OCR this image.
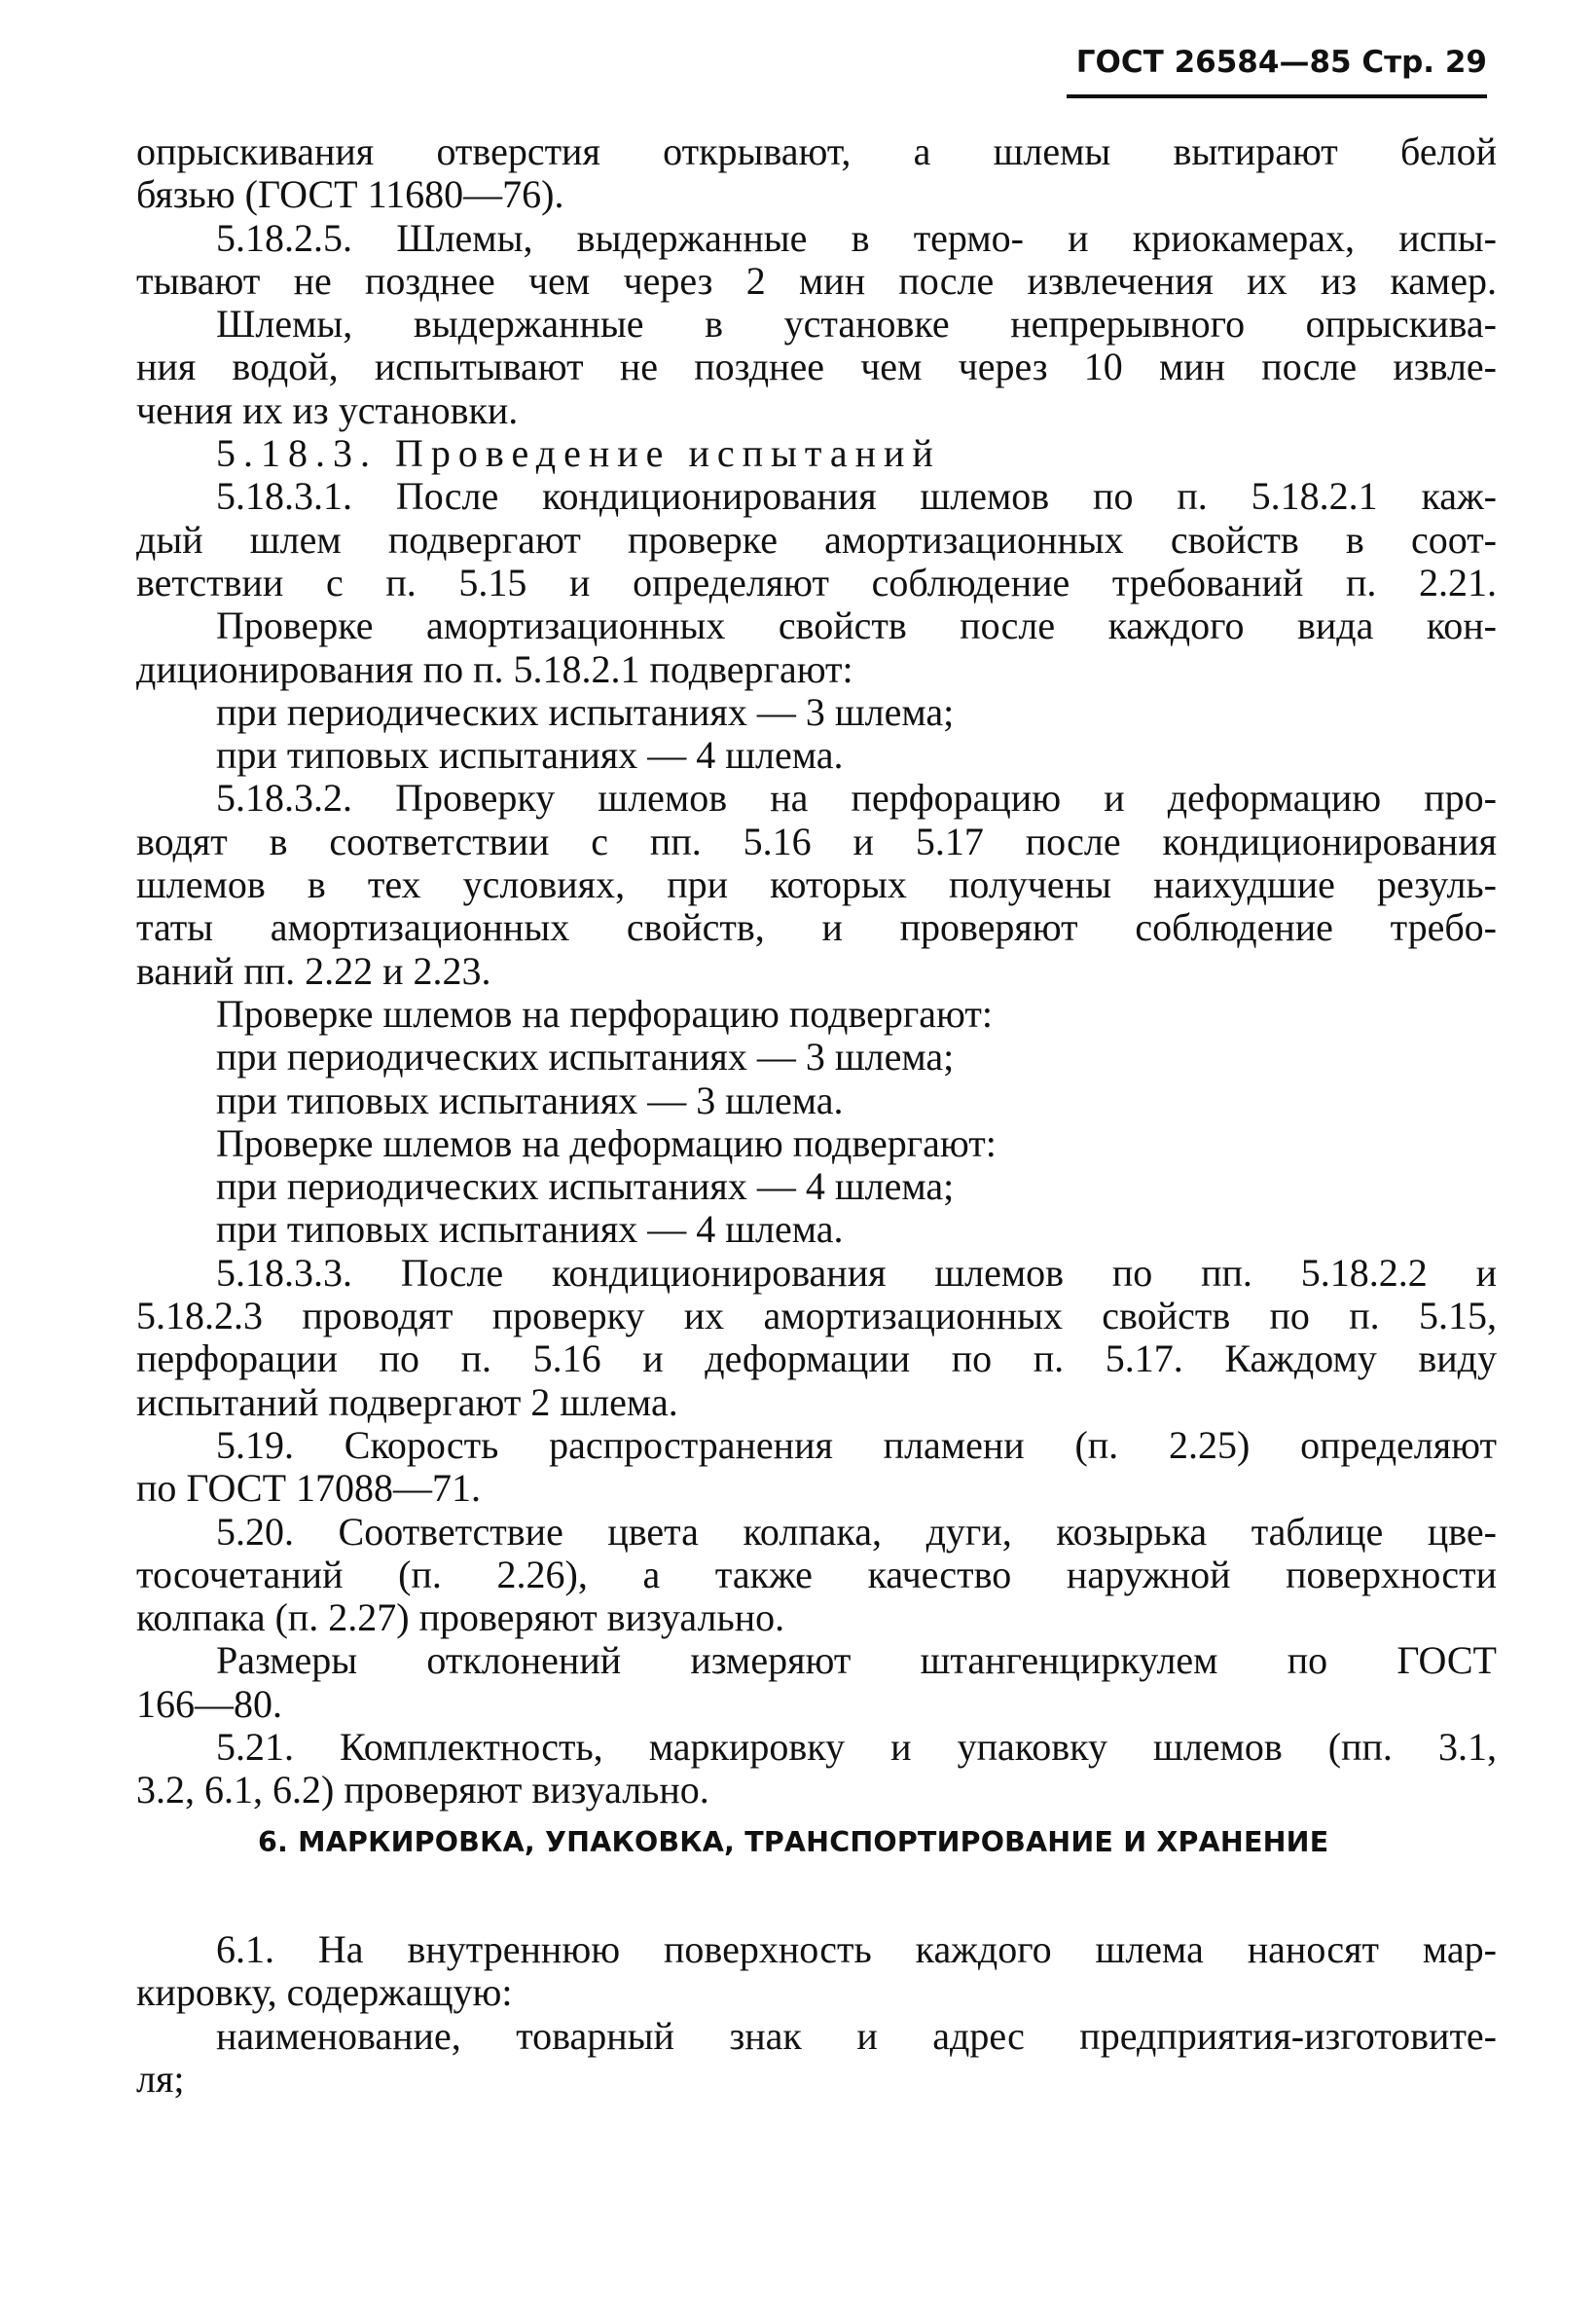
ГОСТ 26584—85 Стр. 29
опрыскивания отверстия открывают, а шлемы вытирают белой
бязью (ГОСТ 11680—76).
5.18.2.5. Шлемы, выдержанные в термо- и криокамерах, испы-
тывают не позднее чем через 2 мин после извлечения их из камер.
Шлемы, выдержанные в установке непрерывного опрыскива-
ния водой, испытывают не позднее чем через 10 мин после извле-
чения их из установки.
5.18.3. Проведение испытаний
5.18.3.1. После кондиционирования шлемов по п. 5.18.2.1 каж-
дый шлем подвергают проверке амортизационных свойств в соот-
ветствии с п. 5.15 и определяют соблюдение требований п. 2.21.
Проверке амортизационных свойств после каждого вида кон-
диционирования по п. 5.18.2.1 подвергают:
при периодических испытаниях — 3 шлема;
при типовых испытаниях — 4 шлема.
5.18.3.2. Проверку шлемов на перфорацию и деформацию про-
водят в соответствии с пп. 5.16 и 5.17 после кондиционирования
шлемов в тех условиях, при которых получены наихудшие резуль-
таты амортизационных свойств, и проверяют соблюдение требо-
ваний пп. 2.22 и 2.23.
Проверке шлемов на перфорацию подвергают:
при периодических испытаниях — 3 шлема;
при типовых испытаниях — 3 шлема.
Проверке шлемов на деформацию подвергают:
при периодических испытаниях — 4 шлема;
при типовых испытаниях — 4 шлема.
5.18.3.3. После кондиционирования шлемов по пп. 5.18.2.2 и
5.18.2.3 проводят проверку их амортизационных свойств по п. 5.15,
перфорации по п. 5.16 и деформации по п. 5.17. Каждому виду
испытаний подвергают 2 шлема.
5.19. Скорость распространения пламени (п. 2.25) определяют
по ГОСТ 17088—71.
5.20. Соответствие цвета колпака, дуги, козырька таблице цве-
тосочетаний (п. 2.26), а также качество наружной поверхности
колпака (п. 2.27) проверяют визуально.
Размеры отклонений измеряют штангенциркулем по ГОСТ
166—80.
5.21. Комплектность, маркировку и упаковку шлемов (пп. 3.1,
3.2, 6.1, 6.2) проверяют визуально.
6. МАРКИРОВКА, УПАКОВКА, ТРАНСПОРТИРОВАНИЕ И ХРАНЕНИЕ
6.1. На внутреннюю поверхность каждого шлема наносят мар-
кировку, содержащую:
наименование, товарный знак и адрес предприятия-изготовите-
ля;
